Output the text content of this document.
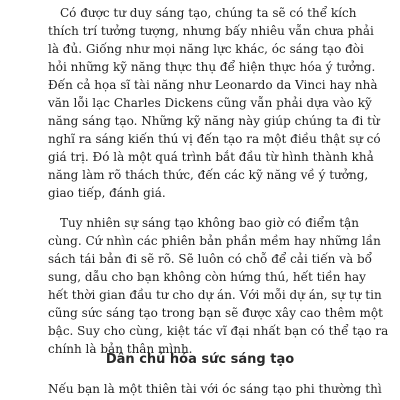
Có được tư duy sáng tạo, chúng ta sẽ có thể kích
thích trí tưởng tượng, nhưng bấy nhiêu vẫn chưa phải
là đủ. Giống như mọi năng lực khác, óc sáng tạo đòi
hỏi những kỹ năng thực thụ để hiện thực hóa ý tưởng.
Đến cả họa sĩ tài năng như Leonardo da Vinci hay nhà
văn lỗi lạc Charles Dickens cũng vẫn phải dựa vào kỹ
năng sáng tạo. Những kỹ năng này giúp chúng ta đi từ
nghĩ ra sáng kiến thú vị đến tạo ra một điều thật sự có
giá trị. Đó là một quá trình bắt đầu từ hình thành khả
năng làm rõ thách thức, đến các kỹ năng về ý tưởng,
giao tiếp, đánh giá.
Tuy nhiên sự sáng tạo không bao giờ có điểm tận
cùng. Cứ nhìn các phiên bản phần mềm hay những lần
sách tái bản đi sẽ rõ. Sẽ luôn có chỗ để cải tiến và bổ
sung, dẫu cho bạn không còn hứng thú, hết tiền hay
hết thời gian đầu tư cho dự án. Với mỗi dự án, sự tự tin
cũng sức sáng tạo trong bạn sẽ được xây cao thêm một
bậc. Suy cho cùng, kiệt tác vĩ đại nhất bạn có thể tạo ra
chính là bản thân mình.
Dân chủ hóa sức sáng tạo
Nếu bạn là một thiên tài với óc sáng tạo phi thường thì
